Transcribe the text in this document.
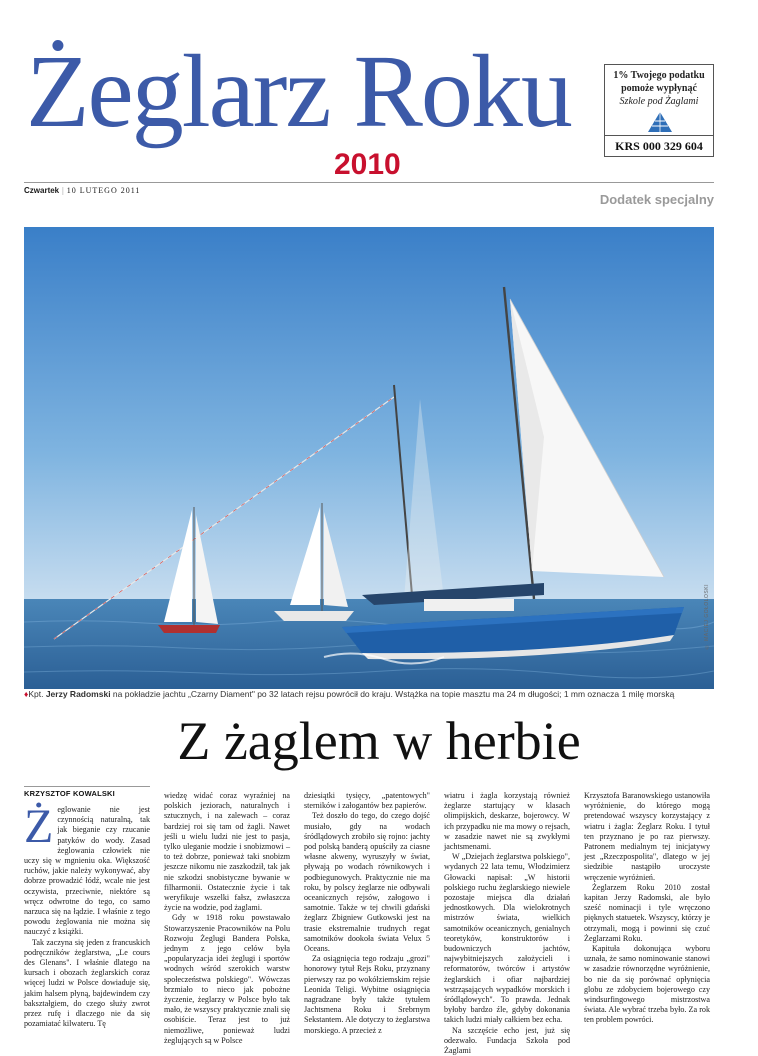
Żeglarz Roku
2010
1% Twojego podatku
pomoże wypłynąć
Szkole pod Żaglami
KRS 000 329 604
Czwartek | 10 LUTEGO 2011
Dodatek specjalny
© MACIEJ GOŁOLOSKI
♦Kpt. Jerzy Radomski na pokładzie jachtu „Czarny Diament" po 32 latach rejsu powrócił do kraju. Wstążka na topie masztu ma 24 m długości; 1 mm oznacza 1 milę morską
Z żaglem w herbie
KRZYSZTOF KOWALSKI

Żeglowanie nie jest czynnością naturalną, tak jak bieganie czy rzucanie patyków do wody. Zasad żeglowania człowiek nie uczy się w mgnieniu oka. Większość ruchów, jakie należy wykonywać, aby dobrze prowadzić łódź, wcale nie jest oczywista, przeciwnie, niektóre są wręcz odwrotne do tego, co samo narzuca się na łądzie. I właśnie z tego powodu żeglowania nie można się nauczyć z książki.

Tak zaczyna się jeden z francuskich podręczników żeglarstwa, „Le cours des Glenans". I właśnie dlatego na kursach i obozach żeglarskich coraz więcej ludzi w Polsce dowiaduje się, jakim halsem płyną, bajdewindem czy bakształgiem, do czego służy zwrot przez rufę i dlaczego nie da się pozamiatać kilwateru. Tę

wiedzę widać coraz wyraźniej na polskich jeziorach, naturalnych i sztucznych, i na zalewach – coraz bardziej roi się tam od żagli. Nawet jeśli u wielu ludzi nie jest to pasja, tylko uleganie modzie i snobizmowi – to też dobrze, ponieważ taki snobizm jeszcze nikomu nie zaszkodził, tak jak nie szkodzi snobistyczne bywanie w filharmonii. Ostatecznie życie i tak weryfikuje wszelki fałsz, zwłaszcza życie na wodzie, pod żaglami.

Gdy w 1918 roku powstawało Stowarzyszenie Pracowników na Polu Rozwoju Żeglugi Bandera Polska, jednym z jego celów była „popularyzacja idei żeglugi i sportów wodnych wśród szerokich warstw społeczeństwa polskiego". Wówczas brzmiało to nieco jak pobożne życzenie, żeglarzy w Polsce było tak mało, że wszyscy praktycznie znali się osobiście. Teraz jest to już niemożliwe, ponieważ ludzi żeglujących są w Polsce

dziesiątki tysięcy, „patentowych" sterników i załogantów bez papierów.

Też doszło do tego, do czego dojść musiało, gdy na wodach śródlądowych zrobiło się rojno: jachty pod polską banderą opuściły za ciasne własne akweny, wyruszyły w świat, pływają po wodach równikowych i podbiegunowych. Praktycznie nie ma roku, by polscy żeglarze nie odbywali oceanicznych rejsów, załogowo i samotnie. Także w tej chwili gdański żeglarz Zbigniew Gutkowski jest na trasie ekstremalnie trudnych regat samotników dookoła świata Velux 5 Oceans.

Za osiągnięcia tego rodzaju „grozi" honorowy tytuł Rejs Roku, przyznany pierwszy raz po wokółziemskim rejsie Leonida Teligi. Wybitne osiągnięcia nagradzane były także tytułem Jachtsmena Roku i Srebrnym Sekstantem. Ale dotyczy to żeglarstwa morskiego. A przecież z

wiatru i żagla korzystają również żeglarze startujący w klasach olimpijskich, deskarze, bojerowcy. W ich przypadku nie ma mowy o rejsach, w zasadzie nawet nie są zwykłymi jachtsmenami.

W „Dziejach żeglarstwa polskiego", wydanych 22 lata temu, Włodzimierz Głowacki napisał: „W historii polskiego ruchu żeglarskiego niewiele pozostaje miejsca dla działań jednostkowych. Dla wielokrotnych mistrzów świata, wielkich samotników oceanicznych, genialnych teoretyków, konstruktorów i budowniczych jachtów, najwybitniejszych założycieli i reformatorów, twórców i artystów żeglarskich i ofiar najbardziej wstrząsających wypadków morskich i śródlądowych". To prawda. Jednak byłoby bardzo źle, gdyby dokonania takich ludzi miały całkiem bez echa.

Na szczęście echo jest, już się odezwało. Fundacja Szkoła pod Żaglami

Krzysztofa Baranowskiego ustanowiła wyróżnienie, do którego mogą pretendować wszyscy korzystający z wiatru i żagla: Żeglarz Roku. I tytuł ten przyznano je po raz pierwszy. Patronem medialnym tej inicjatywy jest „Rzeczpospolita", dlatego w jej siedzibie nastąpiło uroczyste wręczenie wyróżnień.

Żeglarzem Roku 2010 został kapitan Jerzy Radomski, ale było sześć nominacji i tyle wręczono pięknych statuetek. Wszyscy, którzy je otrzymali, mogą i powinni się czuć Żeglarzami Roku.

Kapituła dokonująca wyboru uznała, że samo nominowanie stanowi w zasadzie równorzędne wyróżnienie, bo nie da się porównać opłynięcia globu ze zdobyciem bojerowego czy windsurfingowego mistrzostwa świata. Ale wybrać trzeba było. Za rok ten problem powróci.
